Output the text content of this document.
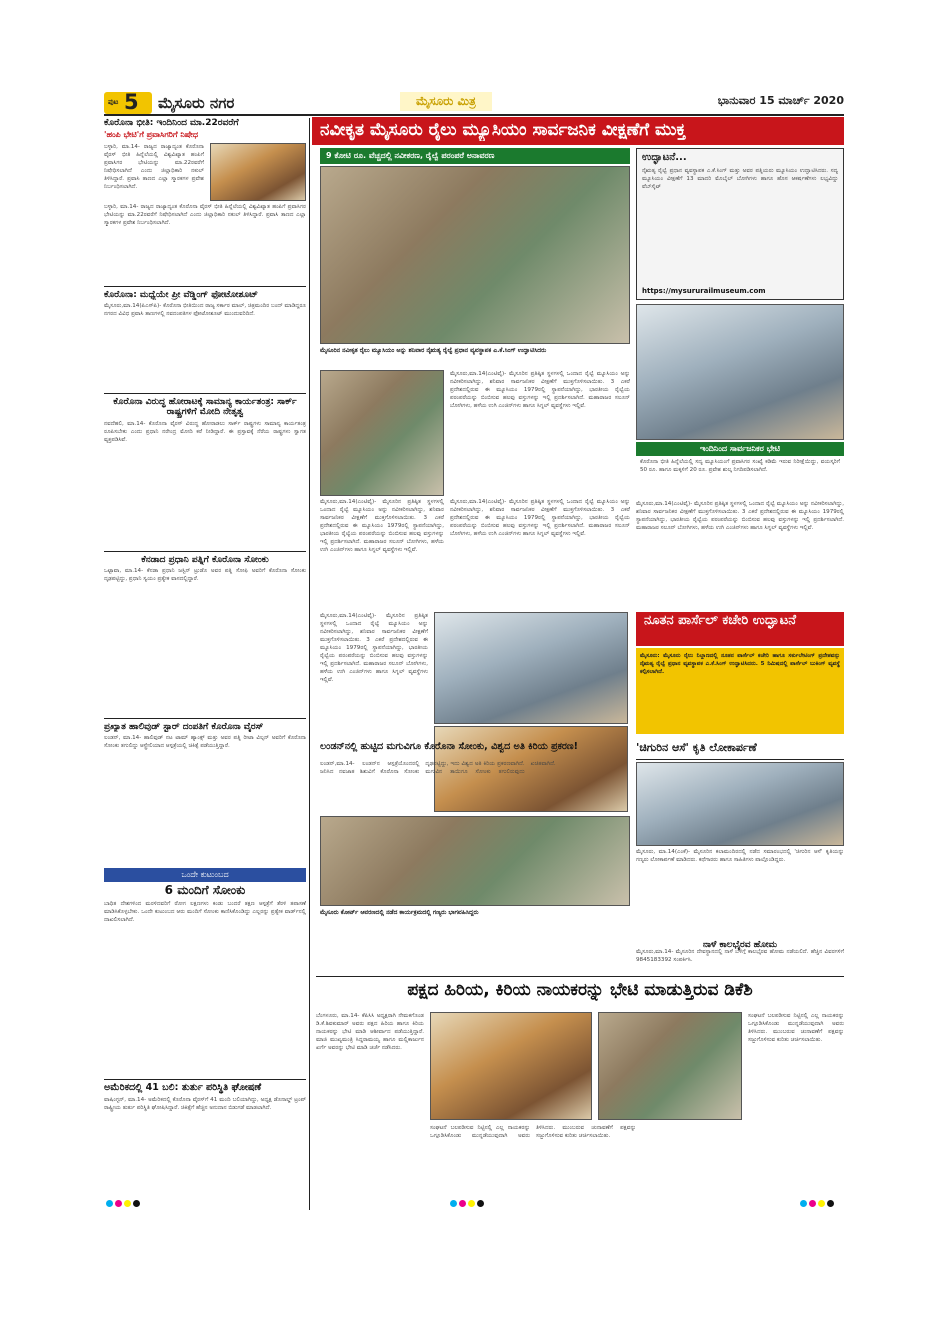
ಪುಟ 5 ಮೈಸೂರು ನಗರ	ಮೈಸೂರು ಮಿತ್ರ	ಭಾನುವಾರ 15 ಮಾರ್ಚ್ 2020
ನವೀಕೃತ ಮೈಸೂರು ರೈಲು ಮ್ಯೂಸಿಯಂ ಸಾರ್ವಜನಿಕ ವೀಕ್ಷಣೆಗೆ ಮುಕ್ತ
ಕೊರೊನಾ ಭೀತಿ: ಇಂದಿನಿಂದ ಮಾ.22ರವರೆಗೆ
'ಹಂಪಿ ಭೇಟಿ'ಗೆ ಪ್ರವಾಸಿಗರಿಗೆ ನಿಷೇಧ
ಬಳ್ಳಾರಿ, ಮಾ.14- ರಾಜ್ಯದ ರಾಜ್ಯಾದ್ಯಂತ ಕೊರೊನಾ ವೈರಸ್ ಭೀತಿ ಹಿನ್ನೆಲೆಯಲ್ಲಿ ವಿಶ್ವವಿಖ್ಯಾತ ಹಂಪಿಗೆ ಪ್ರವಾಸಿಗರ ಭೇಟಿಯನ್ನು ಮಾ.22ರವರೆಗೆ ನಿಷೇಧಿಸಲಾಗಿದೆ ಎಂದು ಜಿಲ್ಲಾಧಿಕಾರಿ ನಕುಲ್ ತಿಳಿಸಿದ್ದಾರೆ. ಪ್ರವಾಸಿ ತಾಣದ ಎಲ್ಲಾ ಸ್ಮಾರಕಗಳ ಪ್ರವೇಶ ನಿರ್ಬಂಧಿಸಲಾಗಿದೆ.
ಬಳ್ಳಾರಿ, ಮಾ.14- ರಾಜ್ಯದ ರಾಜ್ಯಾದ್ಯಂತ ಕೊರೊನಾ ವೈರಸ್ ಭೀತಿ ಹಿನ್ನೆಲೆಯಲ್ಲಿ ವಿಶ್ವವಿಖ್ಯಾತ ಹಂಪಿಗೆ ಪ್ರವಾಸಿಗರ ಭೇಟಿಯನ್ನು ಮಾ.22ರವರೆಗೆ ನಿಷೇಧಿಸಲಾಗಿದೆ ಎಂದು ಜಿಲ್ಲಾಧಿಕಾರಿ ನಕುಲ್ ತಿಳಿಸಿದ್ದಾರೆ. ಪ್ರವಾಸಿ ತಾಣದ ಎಲ್ಲಾ ಸ್ಮಾರಕಗಳ ಪ್ರವೇಶ ನಿರ್ಬಂಧಿಸಲಾಗಿದೆ.
ಕೊರೊನಾ: ಮಧ್ಯೆಯೇ ಪ್ರೀ ವೆಡ್ಡಿಂಗ್ ಫೋಟೋಶೂಟ್
ಮೈಸೂರು,ಮಾ.14(ಪಿಎಸ್‌ಪಿ)- ಕೊರೊನಾ ಭೀತಿಯಿಂದ ರಾಜ್ಯ ಸರ್ಕಾರ ಮಾಲ್, ಚಿತ್ರಮಂದಿರ ಬಂದ್ ಮಾಡಿದ್ದರೂ ನಗರದ ವಿವಿಧ ಪ್ರವಾಸಿ ತಾಣಗಳಲ್ಲಿ ನವದಂಪತಿಗಳ ಫೋಟೋಶೂಟ್ ಮುಂದುವರಿದಿದೆ.
ಕೊರೊನಾ ವಿರುದ್ಧ ಹೋರಾಟಕ್ಕೆ ಸಾಮಾನ್ಯ ಕಾರ್ಯತಂತ್ರ: ಸಾರ್ಕ್ ರಾಷ್ಟ್ರಗಳಿಗೆ ಮೋದಿ ನೇತೃತ್ವ
ನವದೆಹಲಿ, ಮಾ.14- ಕೊರೊನಾ ವೈರಸ್ ವಿರುದ್ಧ ಹೋರಾಡಲು ಸಾರ್ಕ್ ರಾಷ್ಟ್ರಗಳು ಸಾಮಾನ್ಯ ಕಾರ್ಯತಂತ್ರ ರೂಪಿಸಬೇಕು ಎಂದು ಪ್ರಧಾನಿ ನರೇಂದ್ರ ಮೋದಿ ಕರೆ ನೀಡಿದ್ದಾರೆ. ಈ ಪ್ರಸ್ತಾವಕ್ಕೆ ನೆರೆಯ ರಾಷ್ಟ್ರಗಳು ಸ್ವಾಗತ ವ್ಯಕ್ತಪಡಿಸಿವೆ.
ಕೆನಡಾದ ಪ್ರಧಾನಿ ಪತ್ನಿಗೆ ಕೊರೊನಾ ಸೋಂಕು
ಒಟ್ಟಾವಾ, ಮಾ.14- ಕೆನಡಾ ಪ್ರಧಾನಿ ಜಸ್ಟಿನ್ ಟ್ರುಡೊ ಅವರ ಪತ್ನಿ ಸೋಫಿ ಅವರಿಗೆ ಕೊರೊನಾ ಸೋಂಕು ದೃಢಪಟ್ಟಿದ್ದು, ಪ್ರಧಾನಿ ಸ್ವಯಂ ಪ್ರತ್ಯೇಕ ವಾಸದಲ್ಲಿದ್ದಾರೆ.
ಪ್ರಖ್ಯಾತ ಹಾಲಿವುಡ್ ಸ್ಟಾರ್ ದಂಪತಿಗೆ ಕೊರೊನಾ ವೈರಸ್
ಲಂಡನ್, ಮಾ.14- ಹಾಲಿವುಡ್ ನಟ ಟಾಮ್ ಹ್ಯಾಂಕ್ಸ್ ಮತ್ತು ಅವರ ಪತ್ನಿ ರೀಟಾ ವಿಲ್ಸನ್ ಅವರಿಗೆ ಕೊರೊನಾ ಸೋಂಕು ತಗುಲಿದ್ದು ಆಸ್ಟ್ರೇಲಿಯಾದ ಆಸ್ಪತ್ರೆಯಲ್ಲಿ ಚಿಕಿತ್ಸೆ ಪಡೆಯುತ್ತಿದ್ದಾರೆ.
ಒಂದೇ ಕುಟುಂಬದ
6 ಮಂದಿಗೆ ಸೋಂಕು
ಬಾಧಿತ ದೇಶಗಳಿಂದ ಮರಳಿದವರಿಗೆ ರೋಗ ಲಕ್ಷಣಗಳು ಕಂಡು ಬಂದರೆ ತಕ್ಷಣ ಆಸ್ಪತ್ರೆಗೆ ತೆರಳಿ ತಪಾಸಣೆ ಮಾಡಿಸಿಕೊಳ್ಳಬೇಕು. ಒಂದೇ ಕುಟುಂಬದ ಆರು ಮಂದಿಗೆ ಸೋಂಕು ಕಾಣಿಸಿಕೊಂಡಿದ್ದು ಎಲ್ಲರನ್ನು ಪ್ರತ್ಯೇಕ ವಾರ್ಡ್‌ನಲ್ಲಿ ದಾಖಲಿಸಲಾಗಿದೆ.
ಅಮೆರಿಕದಲ್ಲಿ 41 ಬಲಿ: ತುರ್ತು ಪರಿಸ್ಥಿತಿ ಘೋಷಣೆ
ವಾಷಿಂಗ್ಟನ್, ಮಾ.14- ಅಮೆರಿಕದಲ್ಲಿ ಕೊರೊನಾ ವೈರಸ್‌ಗೆ 41 ಮಂದಿ ಬಲಿಯಾಗಿದ್ದು, ಅಧ್ಯಕ್ಷ ಡೊನಾಲ್ಡ್ ಟ್ರಂಪ್ ರಾಷ್ಟ್ರೀಯ ತುರ್ತು ಪರಿಸ್ಥಿತಿ ಘೋಷಿಸಿದ್ದಾರೆ. ಚಿಕಿತ್ಸೆಗೆ ಹೆಚ್ಚಿನ ಅನುದಾನ ಬಿಡುಗಡೆ ಮಾಡಲಾಗಿದೆ.
9 ಕೋಟಿ ರೂ. ವೆಚ್ಚದಲ್ಲಿ ನವೀಕರಣ, ರೈಲ್ವೆ ಪರಂಪರೆ ಅನಾವರಣ
ಮೈಸೂರಿನ ನವೀಕೃತ ರೈಲು ಮ್ಯೂಸಿಯಂ ಅನ್ನು ಶನಿವಾರ ನೈಋತ್ಯ ರೈಲ್ವೆ ಪ್ರಧಾನ ವ್ಯವಸ್ಥಾಪಕ ಎ.ಕೆ.ಸಿಂಗ್ ಉದ್ಘಾಟಿಸಿದರು
ಉದ್ಘಾಟನೆ...
ನೈಋತ್ಯ ರೈಲ್ವೆ ಪ್ರಧಾನ ವ್ಯವಸ್ಥಾಪಕ ಎ.ಕೆ.ಸಿಂಗ್ ಮತ್ತು ಅವರ ಪತ್ನಿಯರು ಮ್ಯೂಸಿಯಂ ಉದ್ಘಾಟಿಸಿದರು. ಸದ್ಯ ಮ್ಯೂಸಿಯಂ ವೀಕ್ಷಣೆಗೆ 13 ಮಾದರಿ ಮೊಬೈಲ್ ಬೋಗಿಗಳು ಹಾಗೂ ಹೊಸ ಆಕರ್ಷಣೆಗಳು ಲಭ್ಯವಿದ್ದು ವೆಬ್‌ಸೈಟ್
https://mysururailmuseum.com
ಇಂದಿನಿಂದ ಸಾರ್ವಜನಿಕರ ಭೇಟಿ
ಕೊರೊನಾ ಭೀತಿ ಹಿನ್ನೆಲೆಯಲ್ಲಿ ಸದ್ಯ ಮ್ಯೂಸಿಯಂಗೆ ಪ್ರವಾಸಿಗರ ಸಂಖ್ಯೆ ಕಡಿಮೆ ಇರುವ ನಿರೀಕ್ಷೆಯಿದ್ದು, ವಯಸ್ಕರಿಗೆ 50 ರೂ. ಹಾಗೂ ಮಕ್ಕಳಿಗೆ 20 ರೂ. ಪ್ರವೇಶ ಶುಲ್ಕ ನಿಗದಿಪಡಿಸಲಾಗಿದೆ.
ಮೈಸೂರು,ಮಾ.14(ಎಂಟಿವೈ)- ಮೈಸೂರಿನ ಪ್ರತಿಷ್ಠಿತ ಸ್ಥಳಗಳಲ್ಲಿ ಒಂದಾದ ರೈಲ್ವೆ ಮ್ಯೂಸಿಯಂ ಅನ್ನು ನವೀಕರಿಸಲಾಗಿದ್ದು, ಶನಿವಾರ ಸಾರ್ವಜನಿಕರ ವೀಕ್ಷಣೆಗೆ ಮುಕ್ತಗೊಳಿಸಲಾಯಿತು. 3 ಎಕರೆ ಪ್ರದೇಶದಲ್ಲಿರುವ ಈ ಮ್ಯೂಸಿಯಂ 1979ರಲ್ಲಿ ಸ್ಥಾಪನೆಯಾಗಿದ್ದು, ಭಾರತೀಯ ರೈಲ್ವೆಯ ಪರಂಪರೆಯನ್ನು ಬಿಂಬಿಸುವ ಹಲವು ವಸ್ತುಗಳನ್ನು ಇಲ್ಲಿ ಪ್ರದರ್ಶಿಸಲಾಗಿದೆ. ಮಹಾರಾಜರ ಸಲೂನ್ ಬೋಗಿಗಳು, ಹಳೆಯ ಉಗಿ ಎಂಜಿನ್‌ಗಳು ಹಾಗೂ ಸಿಗ್ನಲ್ ವ್ಯವಸ್ಥೆಗಳು ಇಲ್ಲಿವೆ.
ಮೈಸೂರು,ಮಾ.14(ಎಂಟಿವೈ)- ಮೈಸೂರಿನ ಪ್ರತಿಷ್ಠಿತ ಸ್ಥಳಗಳಲ್ಲಿ ಒಂದಾದ ರೈಲ್ವೆ ಮ್ಯೂಸಿಯಂ ಅನ್ನು ನವೀಕರಿಸಲಾಗಿದ್ದು, ಶನಿವಾರ ಸಾರ್ವಜನಿಕರ ವೀಕ್ಷಣೆಗೆ ಮುಕ್ತಗೊಳಿಸಲಾಯಿತು. 3 ಎಕರೆ ಪ್ರದೇಶದಲ್ಲಿರುವ ಈ ಮ್ಯೂಸಿಯಂ 1979ರಲ್ಲಿ ಸ್ಥಾಪನೆಯಾಗಿದ್ದು, ಭಾರತೀಯ ರೈಲ್ವೆಯ ಪರಂಪರೆಯನ್ನು ಬಿಂಬಿಸುವ ಹಲವು ವಸ್ತುಗಳನ್ನು ಇಲ್ಲಿ ಪ್ರದರ್ಶಿಸಲಾಗಿದೆ. ಮಹಾರಾಜರ ಸಲೂನ್ ಬೋಗಿಗಳು, ಹಳೆಯ ಉಗಿ ಎಂಜಿನ್‌ಗಳು ಹಾಗೂ ಸಿಗ್ನಲ್ ವ್ಯವಸ್ಥೆಗಳು ಇಲ್ಲಿವೆ.
ಮೈಸೂರು,ಮಾ.14(ಎಂಟಿವೈ)- ಮೈಸೂರಿನ ಪ್ರತಿಷ್ಠಿತ ಸ್ಥಳಗಳಲ್ಲಿ ಒಂದಾದ ರೈಲ್ವೆ ಮ್ಯೂಸಿಯಂ ಅನ್ನು ನವೀಕರಿಸಲಾಗಿದ್ದು, ಶನಿವಾರ ಸಾರ್ವಜನಿಕರ ವೀಕ್ಷಣೆಗೆ ಮುಕ್ತಗೊಳಿಸಲಾಯಿತು. 3 ಎಕರೆ ಪ್ರದೇಶದಲ್ಲಿರುವ ಈ ಮ್ಯೂಸಿಯಂ 1979ರಲ್ಲಿ ಸ್ಥಾಪನೆಯಾಗಿದ್ದು, ಭಾರತೀಯ ರೈಲ್ವೆಯ ಪರಂಪರೆಯನ್ನು ಬಿಂಬಿಸುವ ಹಲವು ವಸ್ತುಗಳನ್ನು ಇಲ್ಲಿ ಪ್ರದರ್ಶಿಸಲಾಗಿದೆ. ಮಹಾರಾಜರ ಸಲೂನ್ ಬೋಗಿಗಳು, ಹಳೆಯ ಉಗಿ ಎಂಜಿನ್‌ಗಳು ಹಾಗೂ ಸಿಗ್ನಲ್ ವ್ಯವಸ್ಥೆಗಳು ಇಲ್ಲಿವೆ.
ಮೈಸೂರು,ಮಾ.14(ಎಂಟಿವೈ)- ಮೈಸೂರಿನ ಪ್ರತಿಷ್ಠಿತ ಸ್ಥಳಗಳಲ್ಲಿ ಒಂದಾದ ರೈಲ್ವೆ ಮ್ಯೂಸಿಯಂ ಅನ್ನು ನವೀಕರಿಸಲಾಗಿದ್ದು, ಶನಿವಾರ ಸಾರ್ವಜನಿಕರ ವೀಕ್ಷಣೆಗೆ ಮುಕ್ತಗೊಳಿಸಲಾಯಿತು. 3 ಎಕರೆ ಪ್ರದೇಶದಲ್ಲಿರುವ ಈ ಮ್ಯೂಸಿಯಂ 1979ರಲ್ಲಿ ಸ್ಥಾಪನೆಯಾಗಿದ್ದು, ಭಾರತೀಯ ರೈಲ್ವೆಯ ಪರಂಪರೆಯನ್ನು ಬಿಂಬಿಸುವ ಹಲವು ವಸ್ತುಗಳನ್ನು ಇಲ್ಲಿ ಪ್ರದರ್ಶಿಸಲಾಗಿದೆ. ಮಹಾರಾಜರ ಸಲೂನ್ ಬೋಗಿಗಳು, ಹಳೆಯ ಉಗಿ ಎಂಜಿನ್‌ಗಳು ಹಾಗೂ ಸಿಗ್ನಲ್ ವ್ಯವಸ್ಥೆಗಳು ಇಲ್ಲಿವೆ.
ಮೈಸೂರು,ಮಾ.14(ಎಂಟಿವೈ)- ಮೈಸೂರಿನ ಪ್ರತಿಷ್ಠಿತ ಸ್ಥಳಗಳಲ್ಲಿ ಒಂದಾದ ರೈಲ್ವೆ ಮ್ಯೂಸಿಯಂ ಅನ್ನು ನವೀಕರಿಸಲಾಗಿದ್ದು, ಶನಿವಾರ ಸಾರ್ವಜನಿಕರ ವೀಕ್ಷಣೆಗೆ ಮುಕ್ತಗೊಳಿಸಲಾಯಿತು. 3 ಎಕರೆ ಪ್ರದೇಶದಲ್ಲಿರುವ ಈ ಮ್ಯೂಸಿಯಂ 1979ರಲ್ಲಿ ಸ್ಥಾಪನೆಯಾಗಿದ್ದು, ಭಾರತೀಯ ರೈಲ್ವೆಯ ಪರಂಪರೆಯನ್ನು ಬಿಂಬಿಸುವ ಹಲವು ವಸ್ತುಗಳನ್ನು ಇಲ್ಲಿ ಪ್ರದರ್ಶಿಸಲಾಗಿದೆ. ಮಹಾರಾಜರ ಸಲೂನ್ ಬೋಗಿಗಳು, ಹಳೆಯ ಉಗಿ ಎಂಜಿನ್‌ಗಳು ಹಾಗೂ ಸಿಗ್ನಲ್ ವ್ಯವಸ್ಥೆಗಳು ಇಲ್ಲಿವೆ.
ನೂತನ ಪಾರ್ಸೆಲ್ ಕಚೇರಿ ಉದ್ಘಾಟನೆ
ಮೈಸೂರು: ಮೈಸೂರು ರೈಲು ನಿಲ್ದಾಣದಲ್ಲಿ ನೂತನ ಪಾರ್ಸೆಲ್ ಕಚೇರಿ ಹಾಗೂ ಸರ್ಕುಲೇಟಿಂಗ್ ಪ್ರದೇಶವನ್ನು ನೈಋತ್ಯ ರೈಲ್ವೆ ಪ್ರಧಾನ ವ್ಯವಸ್ಥಾಪಕ ಎ.ಕೆ.ಸಿಂಗ್ ಉದ್ಘಾಟಿಸಿದರು. 5 ನಿಮಿಷದಲ್ಲಿ ಪಾರ್ಸೆಲ್ ಬುಕಿಂಗ್ ವ್ಯವಸ್ಥೆ ಕಲ್ಪಿಸಲಾಗಿದೆ.
ಲಂಡನ್‌ನಲ್ಲಿ ಹುಟ್ಟಿದ ಮಗುವಿಗೂ ಕೊರೊನಾ ಸೋಂಕು, ವಿಶ್ವದ ಅತಿ ಕಿರಿಯ ಪ್ರಕರಣ!
ಲಂಡನ್,ಮಾ.14- ಲಂಡನ್‌ನ ಆಸ್ಪತ್ರೆಯೊಂದರಲ್ಲಿ ಜನಿಸಿದ ನವಜಾತ ಶಿಶುವಿಗೆ ಕೊರೊನಾ ಸೋಂಕು ದೃಢಪಟ್ಟಿದ್ದು, ಇದು ವಿಶ್ವದ ಅತಿ ಕಿರಿಯ ಪ್ರಕರಣವಾಗಿದೆ. ಮಗುವಿನ ತಾಯಿಗೂ ಸೋಂಕು ತಗುಲಿರುವುದು ಖಚಿತವಾಗಿದೆ.
ಮೈಸೂರು ಕೋರ್ಟ್ ಆವರಣದಲ್ಲಿ ನಡೆದ ಕಾರ್ಯಕ್ರಮದಲ್ಲಿ ಗಣ್ಯರು ಭಾಗವಹಿಸಿದ್ದರು
'ಚಿಗುರಿನ ಆಸೆ' ಕೃತಿ ಲೋಕಾರ್ಪಣೆ
ಮೈಸೂರು, ಮಾ.14(ಎಂಕೆ)- ಮೈಸೂರಿನ ಕಲಾಮಂದಿರದಲ್ಲಿ ನಡೆದ ಸಮಾರಂಭದಲ್ಲಿ 'ಚಿಗುರಿನ ಆಸೆ' ಕೃತಿಯನ್ನು ಗಣ್ಯರು ಲೋಕಾರ್ಪಣೆ ಮಾಡಿದರು. ಕಥೆಗಾರರು ಹಾಗೂ ಸಾಹಿತಿಗಳು ಪಾಲ್ಗೊಂಡಿದ್ದರು.
ನಾಳೆ ಕಾಲಭೈರವ ಹೋಮ
ಮೈಸೂರು,ಮಾ.14- ಮೈಸೂರಿನ ದೇವಸ್ಥಾನದಲ್ಲಿ ನಾಳೆ ಬೆಳಿಗ್ಗೆ ಕಾಲಭೈರವ ಹೋಮ ನಡೆಯಲಿದೆ. ಹೆಚ್ಚಿನ ವಿವರಗಳಿಗೆ 9845183392 ಸಂಪರ್ಕಿಸಿ.
ಪಕ್ಷದ ಹಿರಿಯ, ಕಿರಿಯ ನಾಯಕರನ್ನು ಭೇಟಿ ಮಾಡುತ್ತಿರುವ ಡಿಕೆಶಿ
ಬೆಂಗಳೂರು, ಮಾ.14- ಕೆಪಿಸಿಸಿ ಅಧ್ಯಕ್ಷರಾಗಿ ನೇಮಕಗೊಂಡ ಡಿ.ಕೆ.ಶಿವಕುಮಾರ್ ಅವರು ಪಕ್ಷದ ಹಿರಿಯ ಹಾಗೂ ಕಿರಿಯ ನಾಯಕರನ್ನು ಭೇಟಿ ಮಾಡಿ ಆಶೀರ್ವಾದ ಪಡೆಯುತ್ತಿದ್ದಾರೆ. ಮಾಜಿ ಮುಖ್ಯಮಂತ್ರಿ ಸಿದ್ದರಾಮಯ್ಯ ಹಾಗೂ ಮಲ್ಲಿಕಾರ್ಜುನ ಖರ್ಗೆ ಅವರನ್ನು ಭೇಟಿ ಮಾಡಿ ಚರ್ಚೆ ನಡೆಸಿದರು.
ಸಂಘಟನೆ ಬಲಪಡಿಸುವ ನಿಟ್ಟಿನಲ್ಲಿ ಎಲ್ಲ ನಾಯಕರನ್ನು ಒಗ್ಗೂಡಿಸಿಕೊಂಡು ಮುನ್ನಡೆಯುವುದಾಗಿ ಅವರು ತಿಳಿಸಿದರು. ಮುಂಬರುವ ಚುನಾವಣೆಗೆ ಪಕ್ಷವನ್ನು ಸಜ್ಜುಗೊಳಿಸುವ ಕುರಿತು ಚರ್ಚಿಸಲಾಯಿತು.
ಸಂಘಟನೆ ಬಲಪಡಿಸುವ ನಿಟ್ಟಿನಲ್ಲಿ ಎಲ್ಲ ನಾಯಕರನ್ನು ಒಗ್ಗೂಡಿಸಿಕೊಂಡು ಮುನ್ನಡೆಯುವುದಾಗಿ ಅವರು ತಿಳಿಸಿದರು. ಮುಂಬರುವ ಚುನಾವಣೆಗೆ ಪಕ್ಷವನ್ನು ಸಜ್ಜುಗೊಳಿಸುವ ಕುರಿತು ಚರ್ಚಿಸಲಾಯಿತು.
